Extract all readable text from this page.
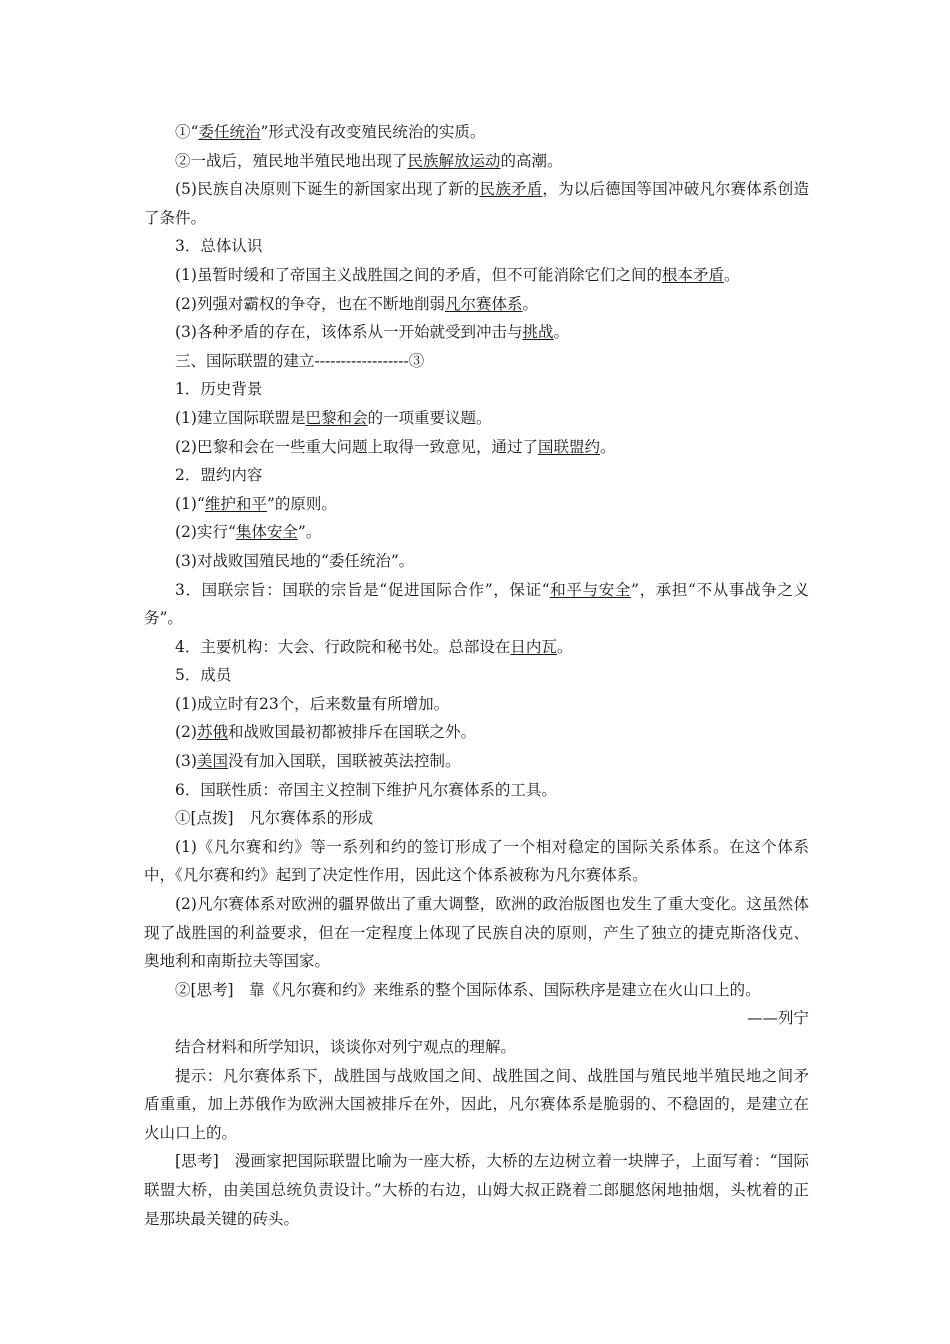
①“委任统治”形式没有改变殖民统治的实质。

②一战后，殖民地半殖民地出现了民族解放运动的高潮。

(5)民族自决原则下诞生的新国家出现了新的民族矛盾，为以后德国等国冲破凡尔赛体系创造了条件。

3．总体认识

(1)虽暂时缓和了帝国主义战胜国之间的矛盾，但不可能消除它们之间的根本矛盾。

(2)列强对霸权的争夺，也在不断地削弱凡尔赛体系。

(3)各种矛盾的存在，该体系从一开始就受到冲击与挑战。

三、国际联盟的建立------------------③

1．历史背景

(1)建立国际联盟是巴黎和会的一项重要议题。

(2)巴黎和会在一些重大问题上取得一致意见，通过了国联盟约。

2．盟约内容

(1)“维护和平”的原则。

(2)实行“集体安全”。

(3)对战败国殖民地的“委任统治”。

3．国联宗旨：国联的宗旨是“促进国际合作”，保证“和平与安全”，承担“不从事战争之义务”。

4．主要机构：大会、行政院和秘书处。总部设在日内瓦。

5．成员

(1)成立时有23个，后来数量有所增加。

(2)苏俄和战败国最初都被排斥在国联之外。

(3)美国没有加入国联，国联被英法控制。

6．国联性质：帝国主义控制下维护凡尔赛体系的工具。

①[点拨]　凡尔赛体系的形成

(1)《凡尔赛和约》等一系列和约的签订形成了一个相对稳定的国际关系体系。在这个体系中，《凡尔赛和约》起到了决定性作用，因此这个体系被称为凡尔赛体系。

(2)凡尔赛体系对欧洲的疆界做出了重大调整，欧洲的政治版图也发生了重大变化。这虽然体现了战胜国的利益要求，但在一定程度上体现了民族自决的原则，产生了独立的捷克斯洛伐克、奥地利和南斯拉夫等国家。

②[思考]　靠《凡尔赛和约》来维系的整个国际体系、国际秩序是建立在火山口上的。

——列宁

结合材料和所学知识，谈谈你对列宁观点的理解。

提示：凡尔赛体系下，战胜国与战败国之间、战胜国之间、战胜国与殖民地半殖民地之间矛盾重重，加上苏俄作为欧洲大国被排斥在外，因此，凡尔赛体系是脆弱的、不稳固的，是建立在火山口上的。

[思考]　漫画家把国际联盟比喻为一座大桥，大桥的左边树立着一块牌子，上面写着：“国际联盟大桥，由美国总统负责设计。”大桥的右边，山姆大叔正跷着二郎腿悠闲地抽烟，头枕着的正是那块最关键的砖头。
